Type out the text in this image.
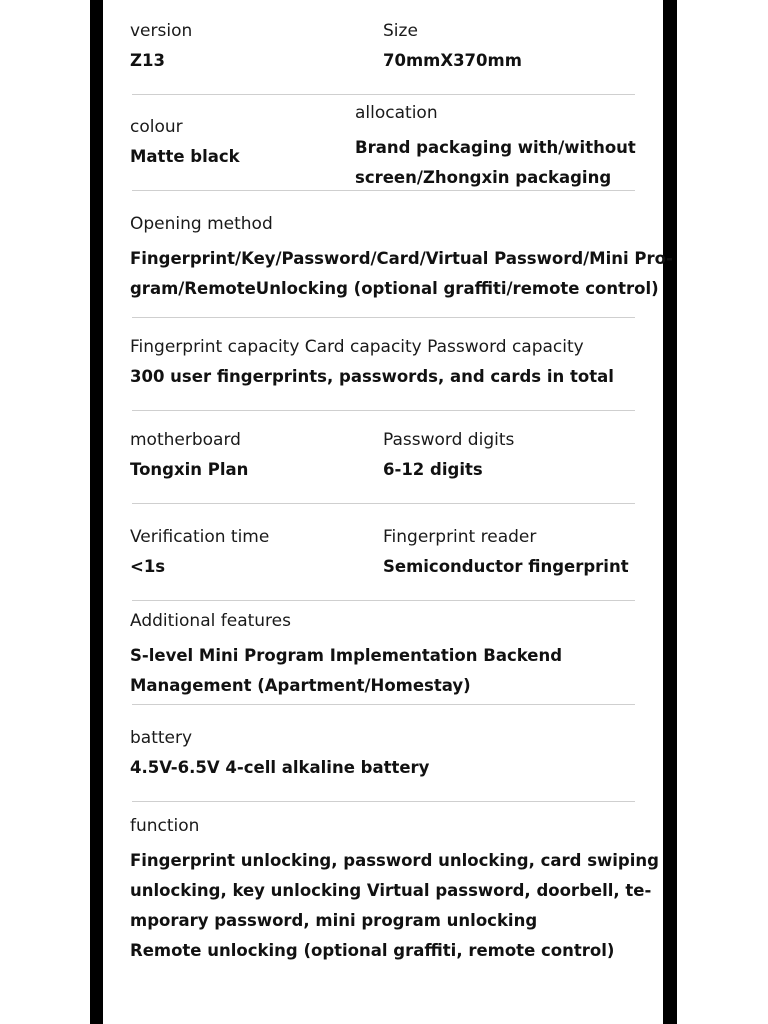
version

Z13

Size

70mmX370mm

colour

Matte black

allocation

Brand packaging with/without
screen/Zhongxin packaging

Opening method

Fingerprint/Key/Password/Card/Virtual Password/Mini Pro-
gram/RemoteUnlocking (optional graffiti/remote control)

Fingerprint capacity Card capacity Password capacity

300 user fingerprints, passwords, and cards in total

motherboard

Tongxin Plan

Password digits

6-12 digits

Verification time

<1s

Fingerprint reader

Semiconductor fingerprint

Additional features

S-level Mini Program Implementation Backend
Management (Apartment/Homestay)

battery

4.5V-6.5V 4-cell alkaline battery

function

Fingerprint unlocking, password unlocking, card swiping
unlocking, key unlocking Virtual password, doorbell, te-
mporary password, mini program unlocking
Remote unlocking (optional graffiti, remote control)
